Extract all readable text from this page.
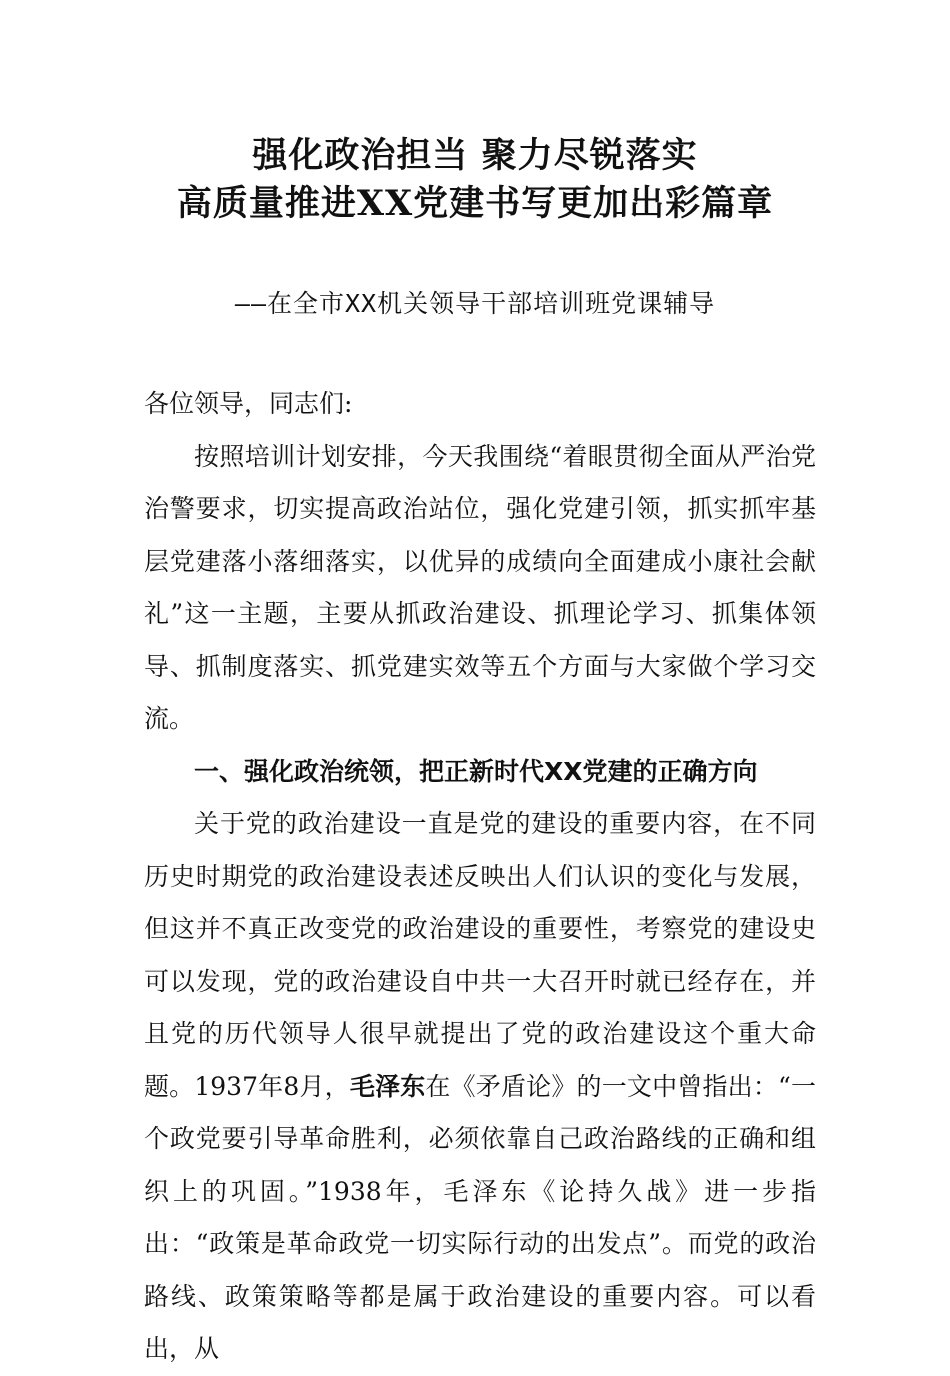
强化政治担当 聚力尽锐落实
高质量推进XX党建书写更加出彩篇章
——在全市XX机关领导干部培训班党课辅导

各位领导，同志们:

按照培训计划安排，今天我围绕“着眼贯彻全面从严治党治警要求，切实提高政治站位，强化党建引领，抓实抓牢基层党建落小落细落实，以优异的成绩向全面建成小康社会献礼”这一主题，主要从抓政治建设、抓理论学习、抓集体领导、抓制度落实、抓党建实效等五个方面与大家做个学习交流。

一、强化政治统领，把正新时代XX党建的正确方向

关于党的政治建设一直是党的建设的重要内容，在不同历史时期党的政治建设表述反映出人们认识的变化与发展，但这并不真正改变党的政治建设的重要性，考察党的建设史可以发现，党的政治建设自中共一大召开时就已经存在，并且党的历代领导人很早就提出了党的政治建设这个重大命题。1937年8月，毛泽东在《矛盾论》的一文中曾指出：“一个政党要引导革命胜利，必须依靠自己政治路线的正确和组织上的巩固。”1938年，毛泽东《论持久战》进一步指出：“政策是革命政党一切实际行动的出发点”。而党的政治路线、政策策略等都是属于政治建设的重要内容。可以看出，从
